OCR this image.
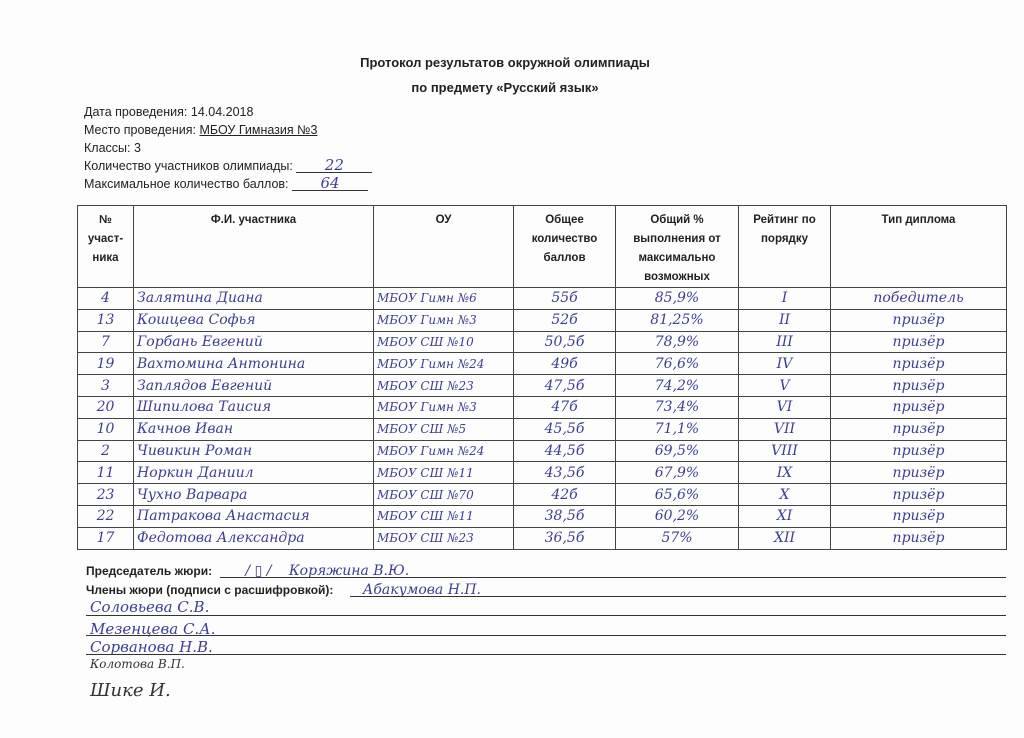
Протокол результатов окружной олимпиады
по предмету «Русский язык»
Дата проведения: 14.04.2018
Место проведения: МБОУ Гимназия №3
Классы: 3
Количество участников олимпиады: 22
Максимальное количество баллов: 64
№ участ-ника	Ф.И. участника	ОУ	Общее количество баллов	Общий % выполнения от максимально возможных	Рейтинг по порядку	Тип диплома
4	Залятина Диана	МБОУ Гимн №6	55б	85,9%	I	победитель
13	Кошцева Софья	МБОУ Гимн №3	52б	81,25%	II	призёр
7	Горбань Евгений	МБОУ СШ №10	50,5б	78,9%	III	призёр
19	Вахтомина Антонина	МБОУ Гимн №24	49б	76,6%	IV	призёр
3	Заплядов Евгений	МБОУ СШ №23	47,5б	74,2%	V	призёр
20	Шипилова Таисия	МБОУ Гимн №3	47б	73,4%	VI	призёр
10	Качнов Иван	МБОУ СШ №5	45,5б	71,1%	VII	призёр
2	Чивикин Роман	МБОУ Гимн №24	44,5б	69,5%	VIII	призёр
11	Норкин Даниил	МБОУ СШ №11	43,5б	67,9%	IX	призёр
23	Чухно Варвара	МБОУ СШ №70	42б	65,6%	X	призёр
22	Патракова Анастасия	МБОУ СШ №11	38,5б	60,2%	XI	призёр
17	Федотова Александра	МБОУ СШ №23	36,5б	57%	XII	призёр
Председатель жюри: / ▯ / Коряжина В.Ю.
Члены жюри (подписи с расшифровкой): Абакумова Н.П.
Соловьева С.В.
Мезенцева С.А.
Сорванова Н.В.
Колотова В.П.
Шикe И.
